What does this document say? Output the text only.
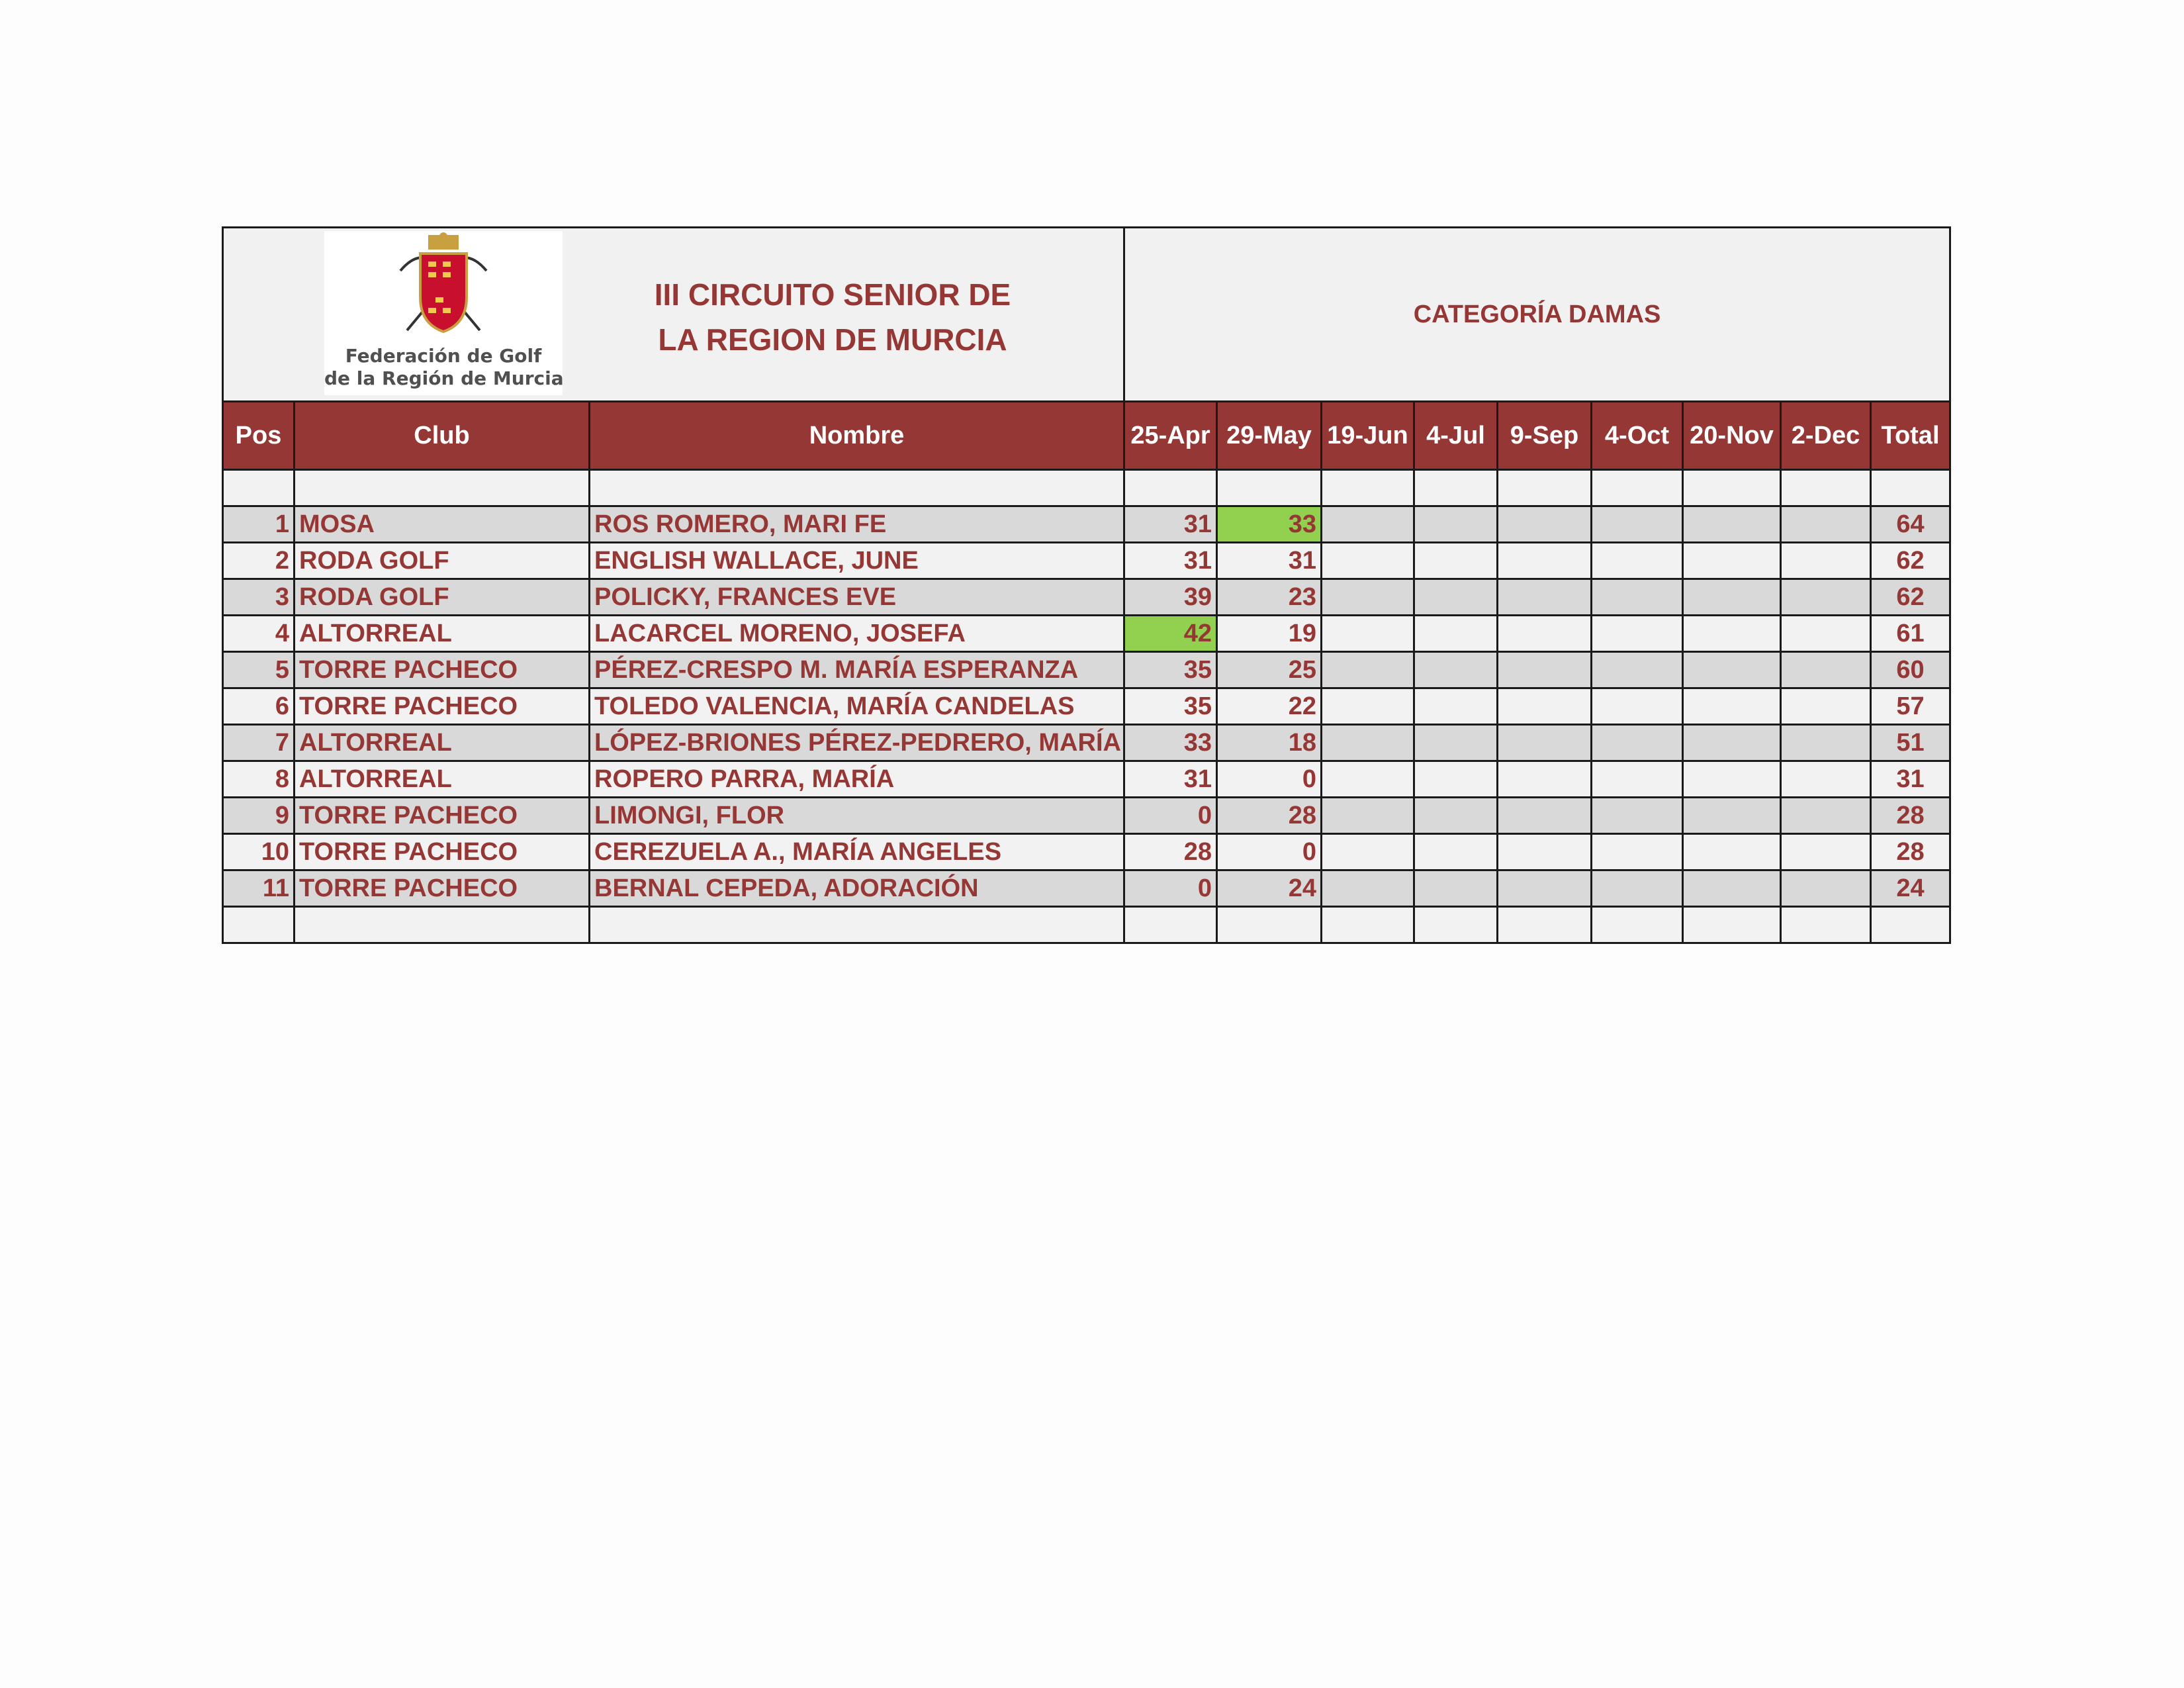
Federación de Golf
de la Región de Murcia
III CIRCUITO SENIOR DE
LA REGION DE MURCIA			CATEGORÍA DAMAS								
Pos	Club	Nombre	25-Apr	29-May	19-Jun	4-Jul	9-Sep	4-Oct	20-Nov	2-Dec	Total

1	MOSA	ROS ROMERO, MARI FE	31	33							64
2	RODA GOLF	ENGLISH WALLACE, JUNE	31	31							62
3	RODA GOLF	POLICKY, FRANCES EVE	39	23							62
4	ALTORREAL	LACARCEL MORENO, JOSEFA	42	19							61
5	TORRE PACHECO	PÉREZ-CRESPO M. MARÍA ESPERANZA	35	25							60
6	TORRE PACHECO	TOLEDO VALENCIA, MARÍA CANDELAS	35	22							57
7	ALTORREAL	LÓPEZ-BRIONES PÉREZ-PEDRERO, MARÍA	33	18							51
8	ALTORREAL	ROPERO PARRA, MARÍA	31	0							31
9	TORRE PACHECO	LIMONGI, FLOR	0	28							28
10	TORRE PACHECO	CEREZUELA A., MARÍA ANGELES	28	0							28
11	TORRE PACHECO	BERNAL CEPEDA, ADORACIÓN	0	24							24
